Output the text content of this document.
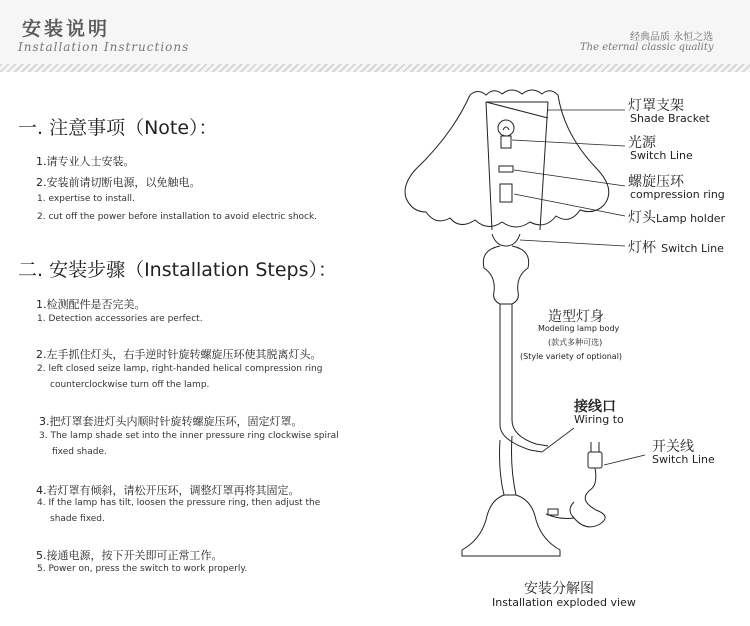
安装说明
Installation Instructions
经典品质 永恒之选
The eternal classic quality
一. 注意事项（Note）：
1.请专业人士安装。
2.安装前请切断电源，以免触电。
1. expertise to install.
2. cut off the power before installation to avoid electric shock.
二. 安装步骤（Installation Steps）：
1.检测配件是否完美。
1. Detection accessories are perfect.
2.左手抓住灯头，右手逆时针旋转螺旋压环使其脱离灯头。
2. left closed seize lamp, right-handed helical compression ring
counterclockwise turn off the lamp.
3.把灯罩套进灯头内顺时针旋转螺旋压环，固定灯罩。
3. The lamp shade set into the inner pressure ring clockwise spiral
fixed shade.
4.若灯罩有倾斜，请松开压环，调整灯罩再将其固定。
4. If the lamp has tilt, loosen the pressure ring, then adjust the
shade fixed.
5.接通电源，按下开关即可正常工作。
5. Power on, press the switch to work properly.
灯罩支架
Shade Bracket
光源
Switch Line
螺旋压环
compression ring
灯头Lamp holder
灯杯 Switch Line
造型灯身
Modeling lamp body
(款式多种可选)
(Style variety of optional)
接线口
Wiring to
开关线
Switch Line
安装分解图
Installation exploded view
